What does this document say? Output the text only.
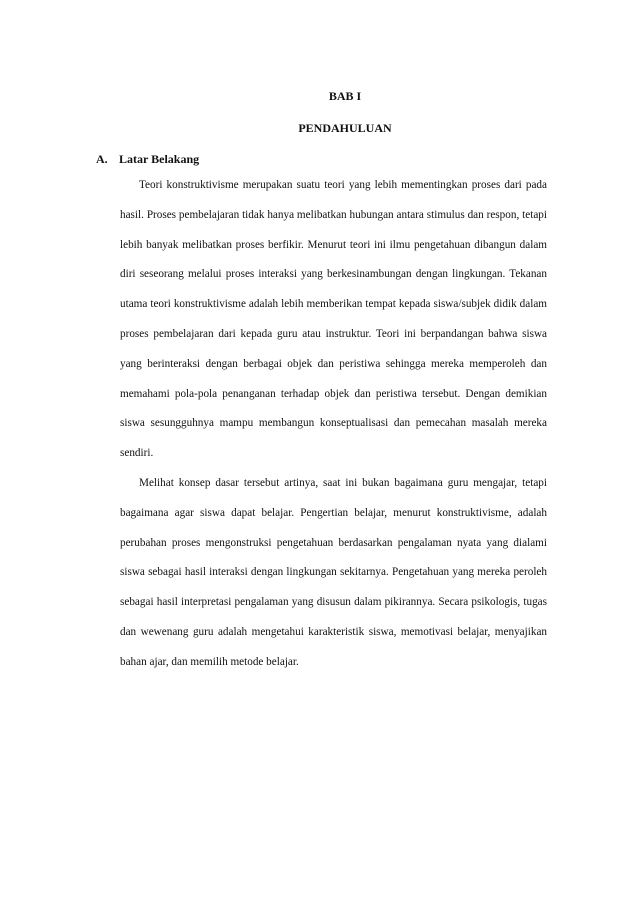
BAB I
PENDAHULUAN
A. Latar Belakang

Teori konstruktivisme merupakan suatu teori yang lebih mementingkan proses dari pada hasil. Proses pembelajaran tidak hanya melibatkan hubungan antara stimulus dan respon, tetapi lebih banyak melibatkan proses berfikir. Menurut teori ini ilmu pengetahuan dibangun dalam diri seseorang melalui proses interaksi yang berkesinambungan dengan lingkungan. Tekanan utama teori konstruktivisme adalah lebih memberikan tempat kepada siswa/subjek didik dalam proses pembelajaran dari kepada guru atau instruktur. Teori ini berpandangan bahwa siswa yang berinteraksi dengan berbagai objek dan peristiwa sehingga mereka memperoleh dan memahami pola-pola penanganan terhadap objek dan peristiwa tersebut. Dengan demikian siswa sesungguhnya mampu membangun konseptualisasi dan pemecahan masalah mereka sendiri.

Melihat konsep dasar tersebut artinya, saat ini bukan bagaimana guru mengajar, tetapi bagaimana agar siswa dapat belajar. Pengertian belajar, menurut konstruktivisme, adalah perubahan proses mengonstruksi pengetahuan berdasarkan pengalaman nyata yang dialami siswa sebagai hasil interaksi dengan lingkungan sekitarnya. Pengetahuan yang mereka peroleh sebagai hasil interpretasi pengalaman yang disusun dalam pikirannya. Secara psikologis, tugas dan wewenang guru adalah mengetahui karakteristik siswa, memotivasi belajar, menyajikan bahan ajar, dan memilih metode belajar.
